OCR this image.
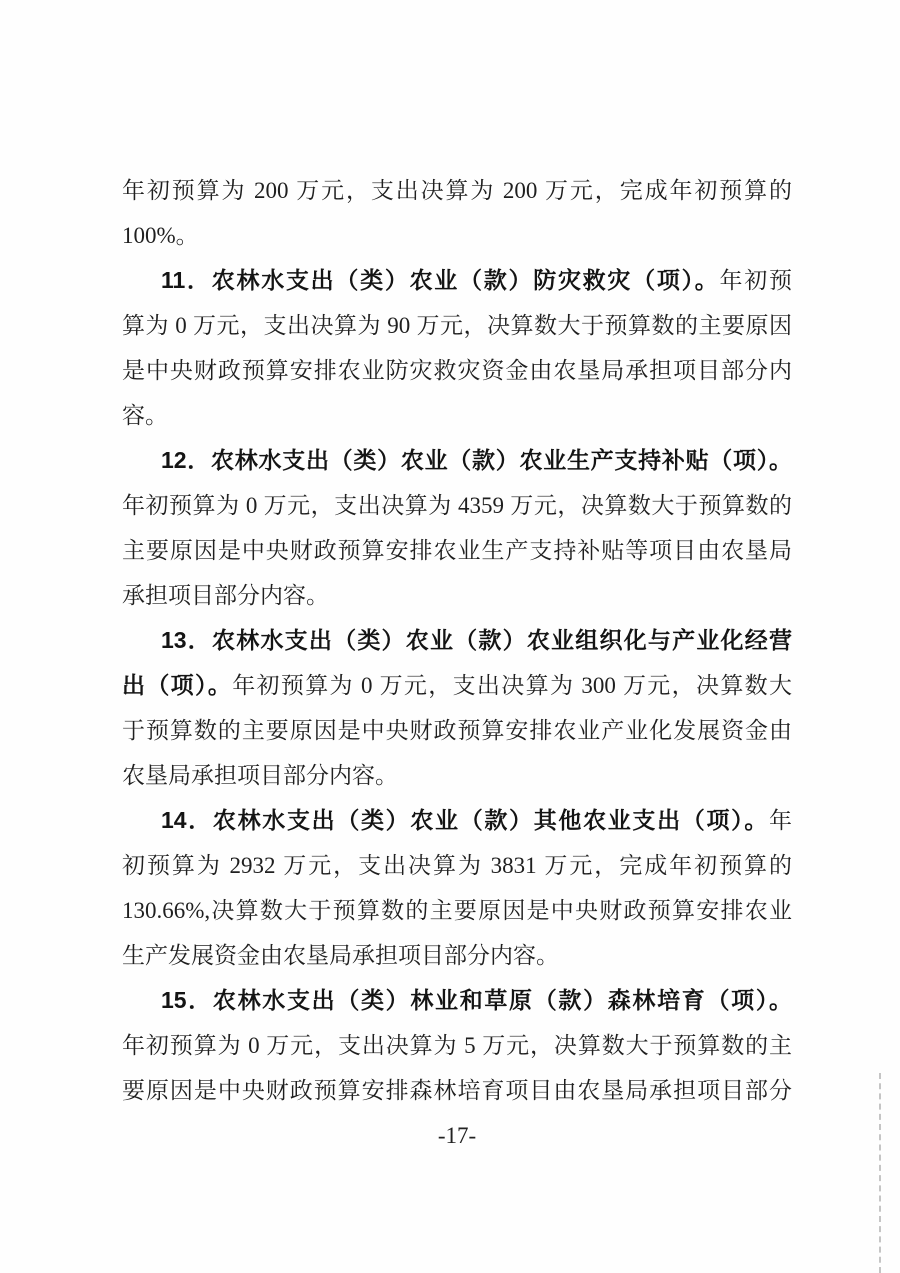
年初预算为 200 万元，支出决算为 200 万元，完成年初预算的
100%。
11．农林水支出（类）农业（款）防灾救灾（项）。年初预
算为 0 万元，支出决算为 90 万元，决算数大于预算数的主要原因
是中央财政预算安排农业防灾救灾资金由农垦局承担项目部分内
容。
12．农林水支出（类）农业（款）农业生产支持补贴（项）。
年初预算为 0 万元，支出决算为 4359 万元，决算数大于预算数的
主要原因是中央财政预算安排农业生产支持补贴等项目由农垦局
承担项目部分内容。
13．农林水支出（类）农业（款）农业组织化与产业化经营
出（项）。年初预算为 0 万元，支出决算为 300 万元，决算数大
于预算数的主要原因是中央财政预算安排农业产业化发展资金由
农垦局承担项目部分内容。
14．农林水支出（类）农业（款）其他农业支出（项）。年
初预算为 2932 万元，支出决算为 3831 万元，完成年初预算的
130.66%,决算数大于预算数的主要原因是中央财政预算安排农业
生产发展资金由农垦局承担项目部分内容。
15．农林水支出（类）林业和草原（款）森林培育（项）。
年初预算为 0 万元，支出决算为 5 万元，决算数大于预算数的主
要原因是中央财政预算安排森林培育项目由农垦局承担项目部分
-17-
